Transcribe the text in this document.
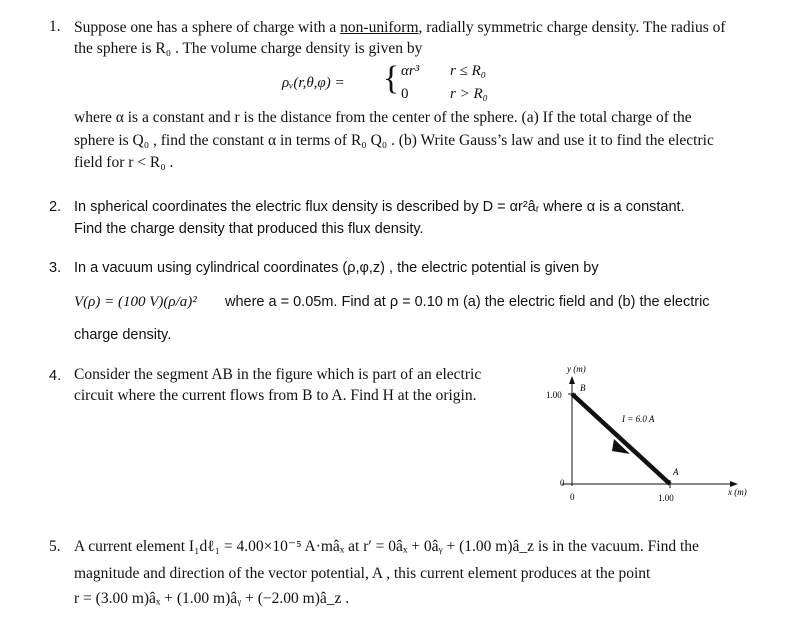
1. Suppose one has a sphere of charge with a non-uniform, radially symmetric charge density. The radius of
the sphere is R₀ . The volume charge density is given by
ρᵥ(r,θ,φ) = { αr³ r ≤ R₀
0	r > R₀
where α is a constant and r is the distance from the center of the sphere. (a) If the total charge of the
sphere is Q₀ , find the constant α in terms of R₀ Q₀ . (b) Write Gauss’s law and use it to find the electric
field for r < R₀ .
2. In spherical coordinates the electric flux density is described by D = αr²âᵣ where α is a constant.
Find the charge density that produced this flux density.
3. In a vacuum using cylindrical coordinates (ρ,φ,z) , the electric potential is given by
V(ρ) = (100 V)(ρ/a)² where a = 0.05m. Find at ρ = 0.10 m (a) the electric field and (b) the electric
charge density.
4. Consider the segment AB in the figure which is part of an electric
circuit where the current flows from B to A. Find H at the origin.
y (m)
1.00
0
0	1.00
x (m)
B
A
I = 6.0 A
5. A current element I₁dℓ₁ = 4.00×10⁻⁵ A·mâₓ at r′ = 0âₓ + 0âᵧ + (1.00 m)â_z is in the vacuum. Find the
magnitude and direction of the vector potential, A , this current element produces at the point
r = (3.00 m)âₓ + (1.00 m)âᵧ + (−2.00 m)â_z .
